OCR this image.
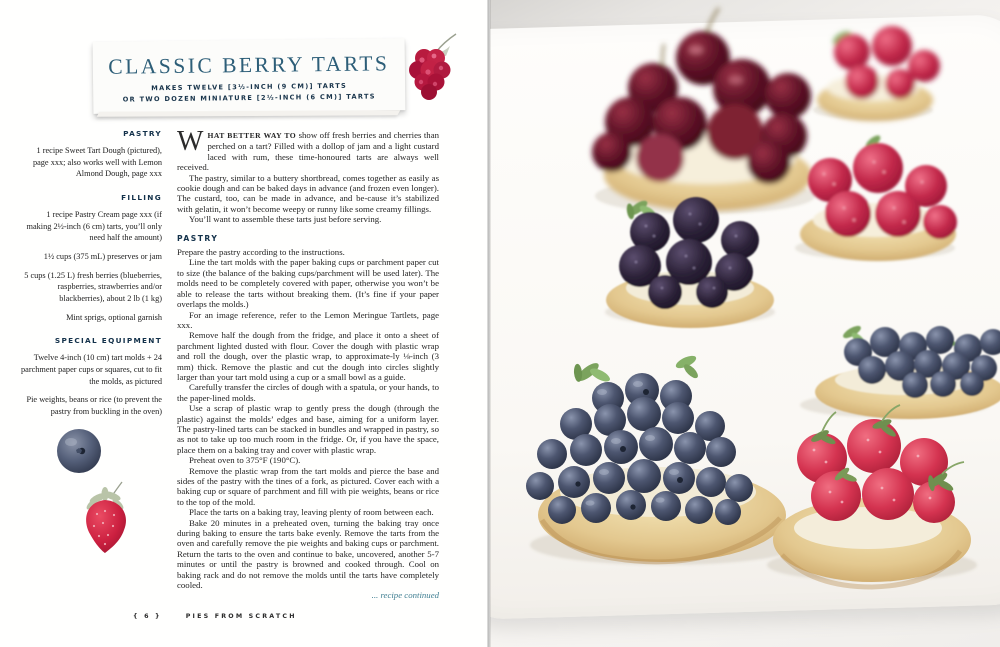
CLASSIC BERRY TARTS
MAKES TWELVE [3½-INCH (9 CM)] TARTS
OR TWO DOZEN MINIATURE [2½-INCH (6 CM)] TARTS
PASTRY

1 recipe Sweet Tart Dough (pictured), page xxx; also works well with Lemon Almond Dough, page xxx

FILLING

1 recipe Pastry Cream page xxx (if making 2½-inch (6 cm) tarts, you’ll only need half the amount)

1½ cups (375 mL) preserves or jam

5 cups (1.25 L) fresh berries (blueberries, raspberries, strawberries and/or blackberries), about 2 lb (1 kg)

Mint sprigs, optional garnish

SPECIAL EQUIPMENT

Twelve 4-inch (10 cm) tart molds + 24 parchment paper cups or squares, cut to fit the molds, as pictured

Pie weights, beans or rice (to prevent the pastry from buckling in the oven)

WHAT BETTER WAY TO show off fresh berries and cherries than perched on a tart? Filled with a dollop of jam and a light custard laced with rum, these time-honoured tarts are always well received.

The pastry, similar to a buttery shortbread, comes together as easily as cookie dough and can be baked days in advance (and frozen even longer). The custard, too, can be made in advance, and be-cause it’s stabilized with gelatin, it won’t become weepy or runny like some creamy fillings.

You’ll want to assemble these tarts just before serving.

PASTRY

Prepare the pastry according to the instructions.

Line the tart molds with the paper baking cups or parchment paper cut to size (the balance of the baking cups/parchment will be used later). The molds need to be completely covered with paper, otherwise you won’t be able to release the tarts without breaking them. (It’s fine if your paper overlaps the molds.)

For an image reference, refer to the Lemon Meringue Tartlets, page xxx.

Remove half the dough from the fridge, and place it onto a sheet of parchment lighted dusted with flour. Cover the dough with plastic wrap and roll the dough, over the plastic wrap, to approximate-ly ⅛-inch (3 mm) thick. Remove the plastic and cut the dough into circles slightly larger than your tart mold using a cup or a small bowl as a guide.

Carefully transfer the circles of dough with a spatula, or your hands, to the paper-lined molds.

Use a scrap of plastic wrap to gently press the dough (through the plastic) against the molds’ edges and base, aiming for a uniform layer. The pastry-lined tarts can be stacked in bundles and wrapped in pastry, so as not to take up too much room in the fridge. Or, if you have the space, place them on a baking tray and cover with plastic wrap.

Preheat oven to 375°F (190°C).

Remove the plastic wrap from the tart molds and pierce the base and sides of the pastry with the tines of a fork, as pictured. Cover each with a baking cup or square of parchment and fill with pie weights, beans or rice to the top of the mold.

Place the tarts on a baking tray, leaving plenty of room between each.

Bake 20 minutes in a preheated oven, turning the baking tray once during baking to ensure the tarts bake evenly. Remove the tarts from the oven and carefully remove the pie weights and baking cups or parchment. Return the tarts to the oven and continue to bake, uncovered, another 5-7 minutes or until the pastry is browned and cooked through. Cool on baking rack and do not remove the molds until the tarts have completely cooled.

... recipe continued

{ 6 }	PIES FROM SCRATCH
